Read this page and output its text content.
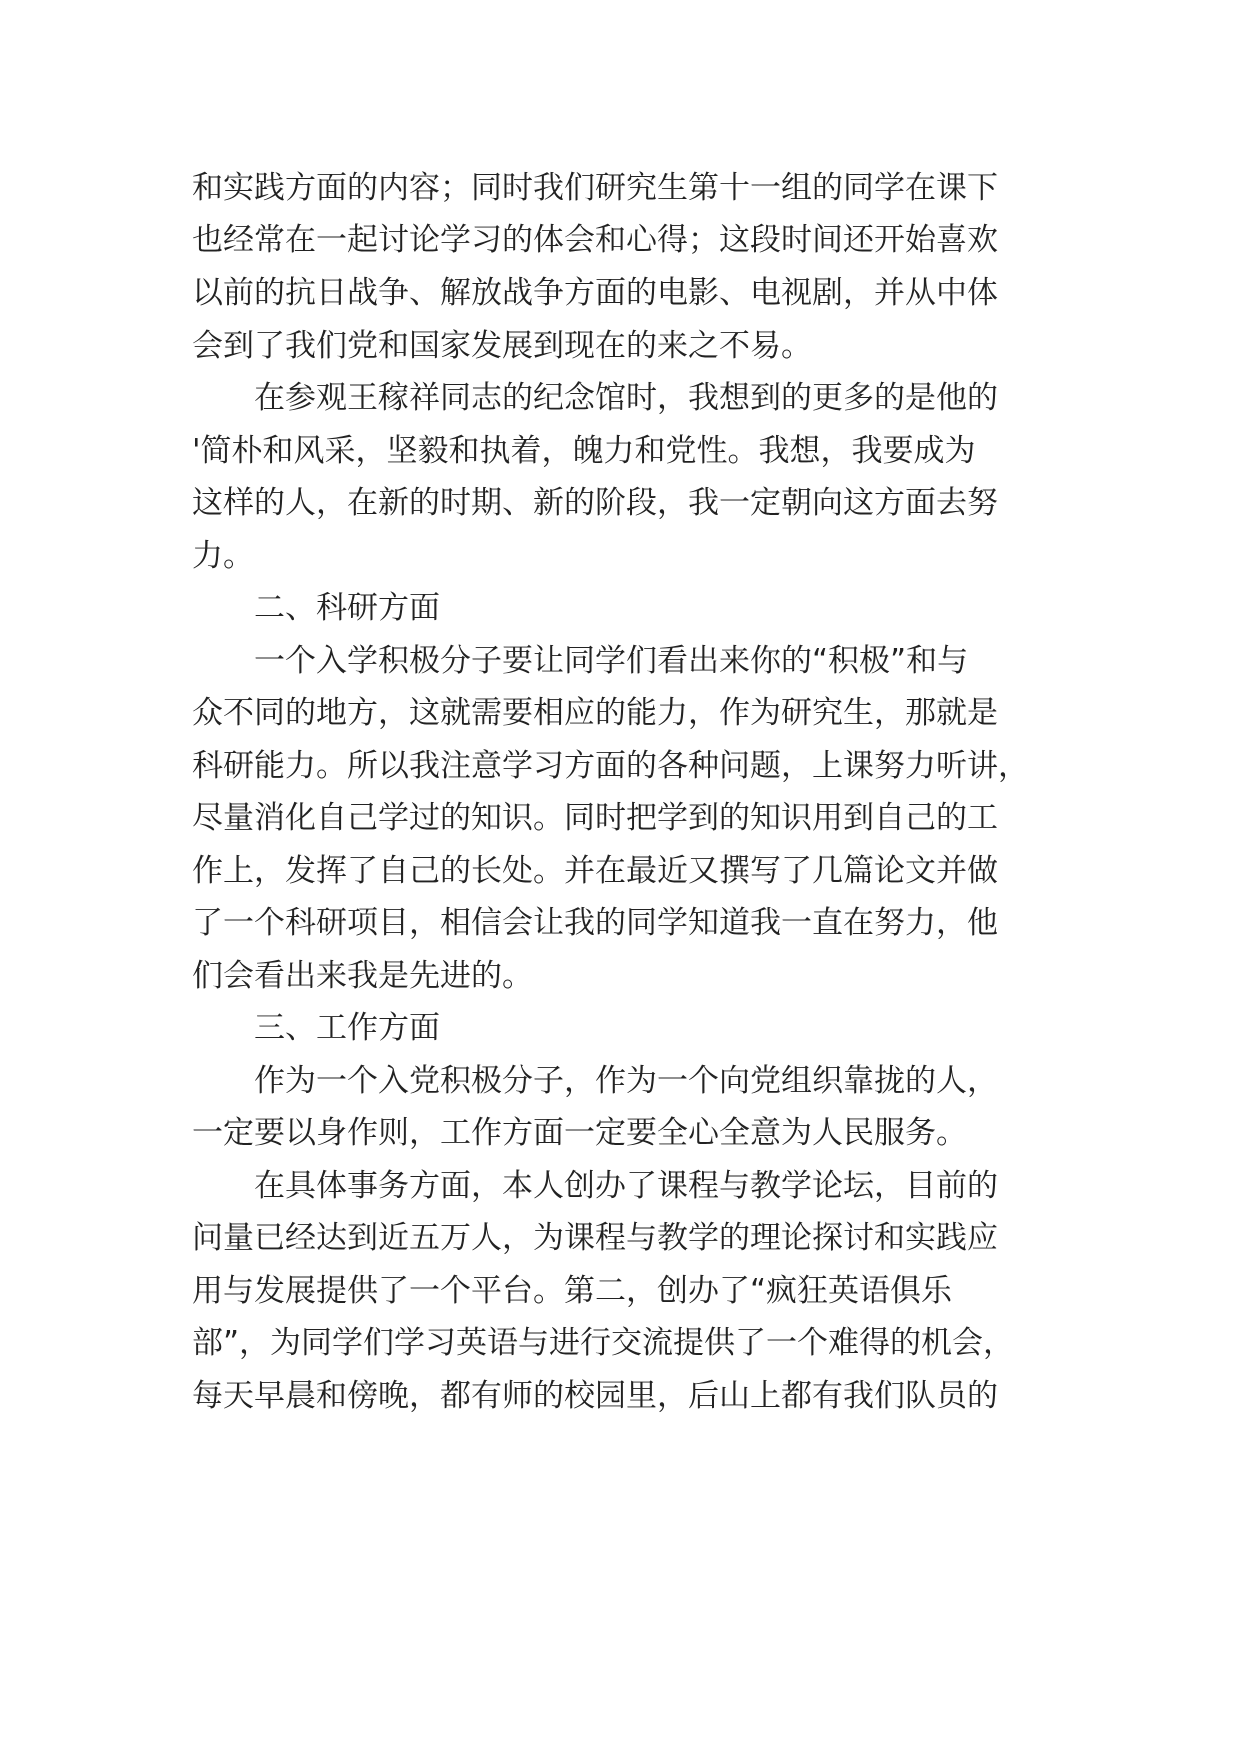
和实践方面的内容；同时我们研究生第十一组的同学在课下
也经常在一起讨论学习的体会和心得；这段时间还开始喜欢
以前的抗日战争、解放战争方面的电影、电视剧，并从中体
会到了我们党和国家发展到现在的来之不易。
在参观王稼祥同志的纪念馆时，我想到的更多的是他的
'简朴和风采，坚毅和执着，魄力和党性。我想，我要成为
这样的人，在新的时期、新的阶段，我一定朝向这方面去努
力。
二、科研方面
一个入学积极分子要让同学们看出来你的“积极”和与
众不同的地方，这就需要相应的能力，作为研究生，那就是
科研能力。所以我注意学习方面的各种问题，上课努力听讲，
尽量消化自己学过的知识。同时把学到的知识用到自己的工
作上，发挥了自己的长处。并在最近又撰写了几篇论文并做
了一个科研项目，相信会让我的同学知道我一直在努力，他
们会看出来我是先进的。
三、工作方面
作为一个入党积极分子，作为一个向党组织靠拢的人，
一定要以身作则，工作方面一定要全心全意为人民服务。
在具体事务方面，本人创办了课程与教学论坛，目前的
问量已经达到近五万人，为课程与教学的理论探讨和实践应
用与发展提供了一个平台。第二，创办了“疯狂英语俱乐
部”，为同学们学习英语与进行交流提供了一个难得的机会，
每天早晨和傍晚，都有师的校园里，后山上都有我们队员的
